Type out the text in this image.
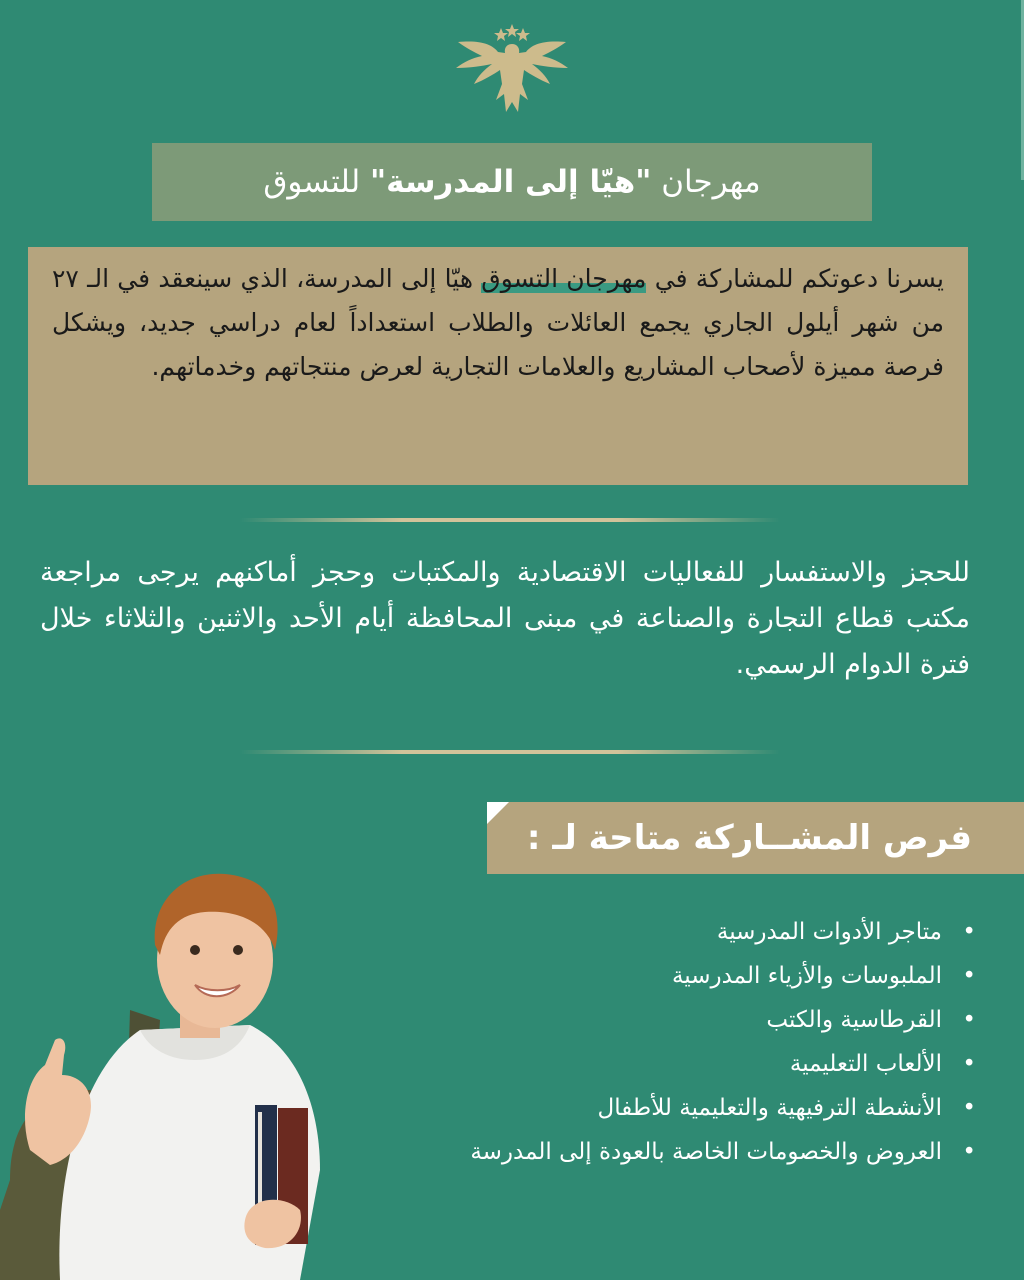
مهرجان "هيّا إلى المدرسة" للتسوق
يسرنا دعوتكم للمشاركة في مهرجان التسوق هيّا إلى المدرسة، الذي سينعقد في الـ ٢٧ من شهر أيلول الجاري يجمع العائلات والطلاب استعداداً لعام دراسي جديد، ويشكل فرصة مميزة لأصحاب المشاريع والعلامات التجارية لعرض منتجاتهم وخدماتهم.
للحجز والاستفسار للفعاليات الاقتصادية والمكتبات وحجز أماكنهم يرجى مراجعة مكتب قطاع التجارة والصناعة في مبنى المحافظة أيام الأحد والاثنين والثلاثاء خلال فترة الدوام الرسمي.
فرص المشــاركة متاحة لـ :
•
متاجر الأدوات المدرسية
•
الملبوسات والأزياء المدرسية
•
القرطاسية والكتب
•
الألعاب التعليمية
•
الأنشطة الترفيهية والتعليمية للأطفال
•
العروض والخصومات الخاصة بالعودة إلى المدرسة
